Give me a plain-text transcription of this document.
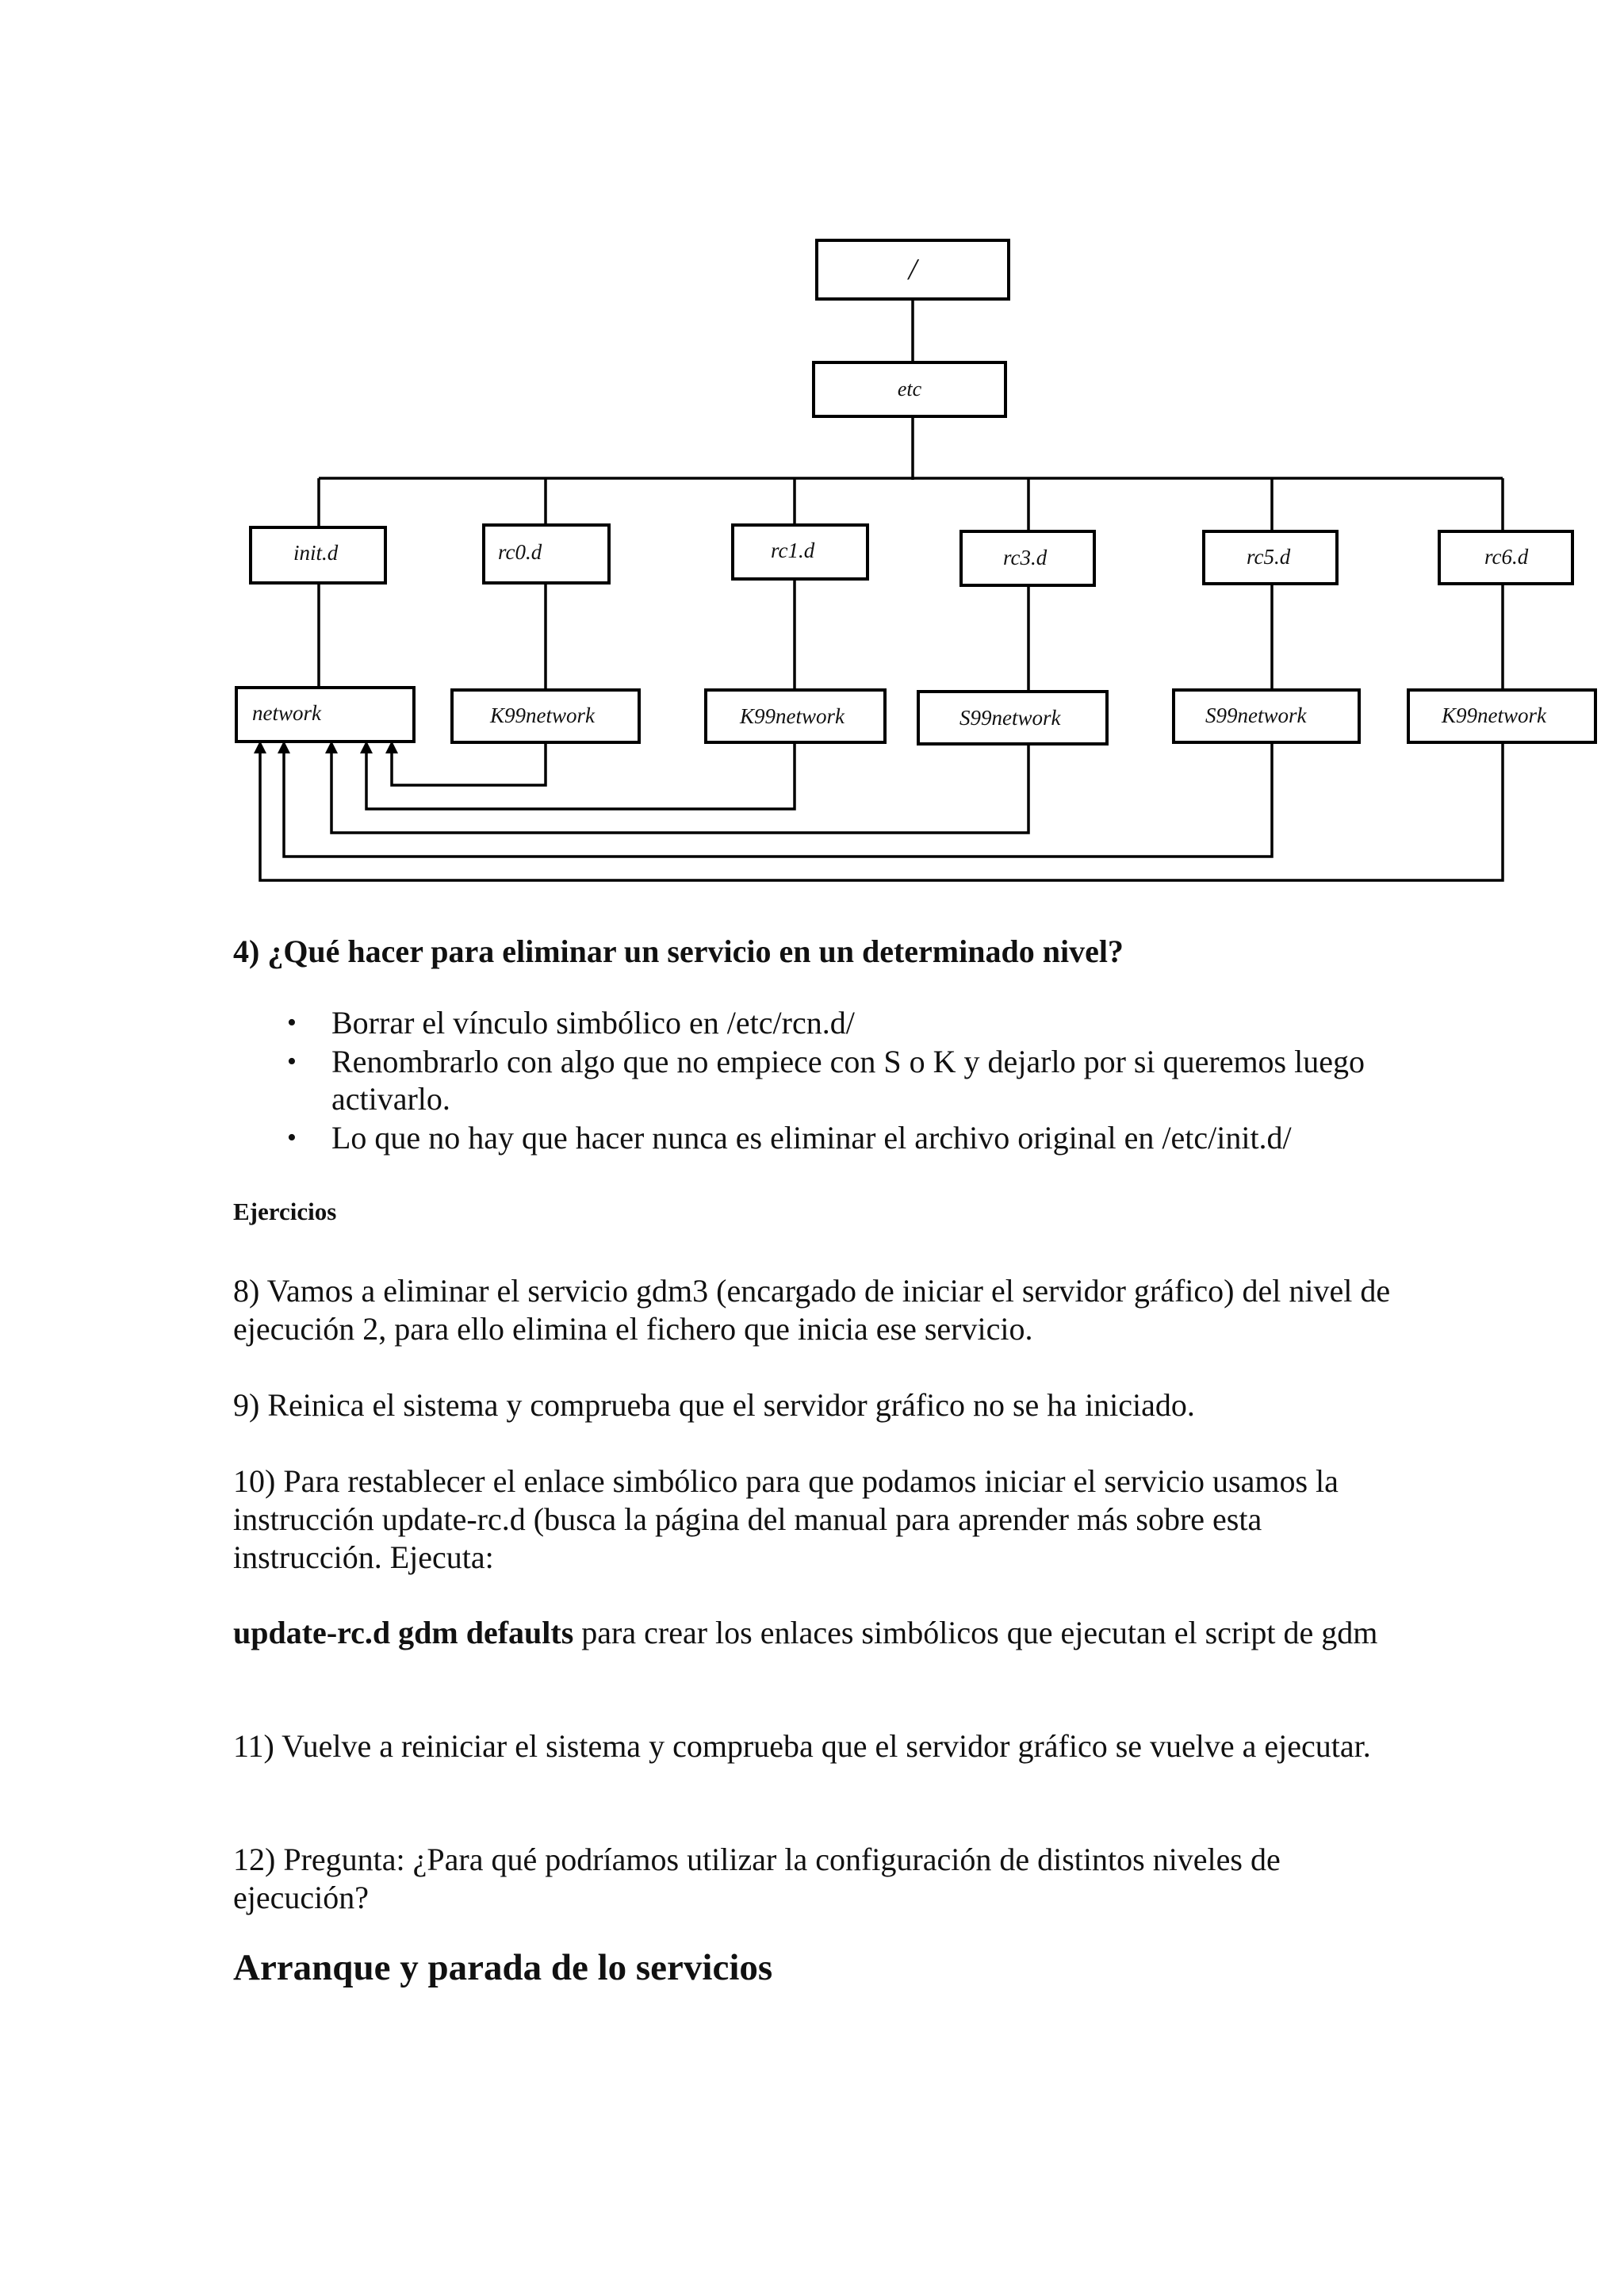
/
etc
init.d	rc0.d	rc1.d	rc3.d	rc5.d	rc6.d
network	K99network	K99network	S99network	S99network	K99network
4) ¿Qué hacer para eliminar un servicio en un determinado nivel?
• Borrar el vínculo simbólico en /etc/rcn.d/
• Renombrarlo con algo que no empiece con S o K y dejarlo por si queremos luego activarlo.
• Lo que no hay que hacer nunca es eliminar el archivo original en /etc/init.d/
Ejercicios

8) Vamos a eliminar el servicio gdm3 (encargado de iniciar el servidor gráfico) del nivel de ejecución 2, para ello elimina el fichero que inicia ese servicio.

9) Reinica el sistema y comprueba que el servidor gráfico no se ha iniciado.

10) Para restablecer el enlace simbólico para que podamos iniciar el servicio usamos la instrucción update-rc.d (busca la página del manual para aprender más sobre esta instrucción. Ejecuta:

update-rc.d gdm defaults para crear los enlaces simbólicos que ejecutan el script de gdm

11) Vuelve a reiniciar el sistema y comprueba que el servidor gráfico se vuelve a ejecutar.

12) Pregunta: ¿Para qué podríamos utilizar la configuración de distintos niveles de ejecución?

Arranque y parada de lo servicios
